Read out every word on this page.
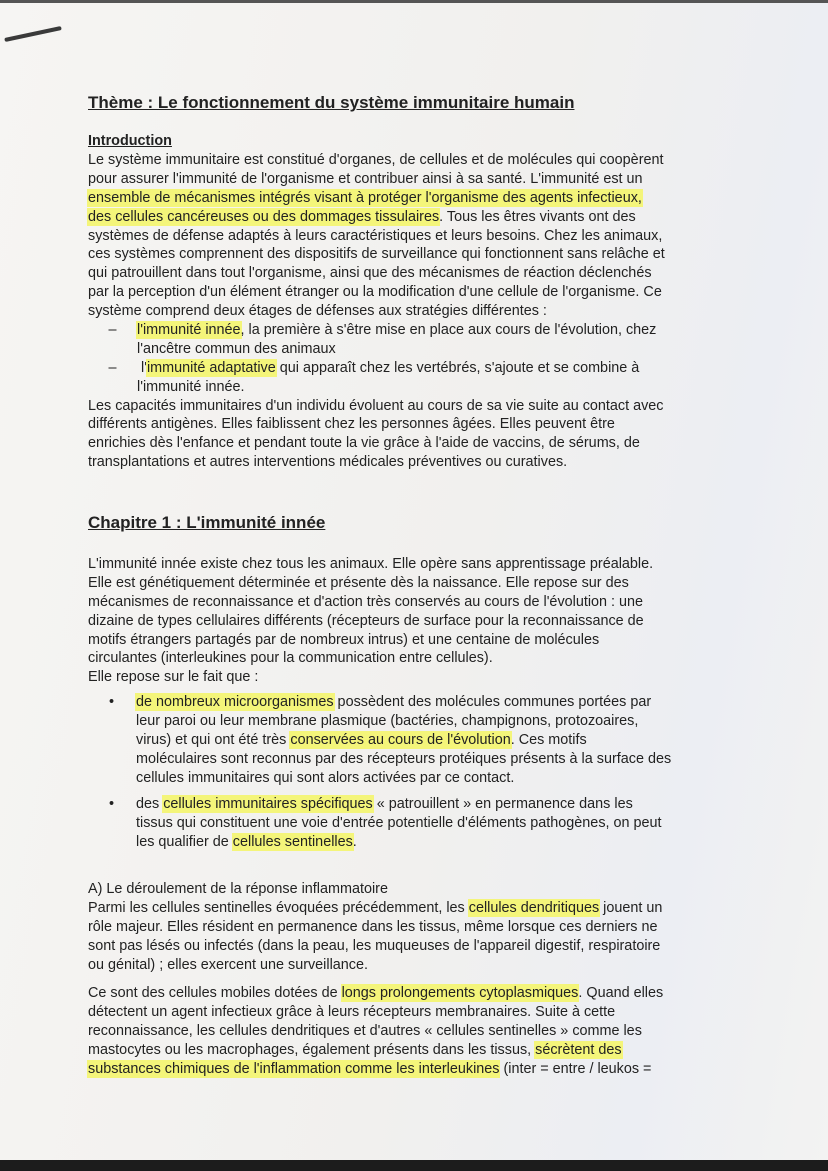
Thème : Le fonctionnement du système immunitaire humain
Introduction
Le système immunitaire est constitué d'organes, de cellules et de molécules qui coopèrent
pour assurer l'immunité de l'organisme et contribuer ainsi à sa santé. L'immunité est un
ensemble de mécanismes intégrés visant à protéger l'organisme des agents infectieux,
des cellules cancéreuses ou des dommages tissulaires. Tous les êtres vivants ont des
systèmes de défense adaptés à leurs caractéristiques et leurs besoins. Chez les animaux,
ces systèmes comprennent des dispositifs de surveillance qui fonctionnent sans relâche et
qui patrouillent dans tout l'organisme, ainsi que des mécanismes de réaction déclenchés
par la perception d'un élément étranger ou la modification d'une cellule de l'organisme. Ce
système comprend deux étages de défenses aux stratégies différentes :
– l'immunité innée, la première à s'être mise en place aux cours de l'évolution, chez
l'ancêtre commun des animaux
– l'immunité adaptative qui apparaît chez les vertébrés, s'ajoute et se combine à
l'immunité innée.
Les capacités immunitaires d'un individu évoluent au cours de sa vie suite au contact avec
différents antigènes. Elles faiblissent chez les personnes âgées. Elles peuvent être
enrichies dès l'enfance et pendant toute la vie grâce à l'aide de vaccins, de sérums, de
transplantations et autres interventions médicales préventives ou curatives.
Chapitre 1 : L'immunité innée
L'immunité innée existe chez tous les animaux. Elle opère sans apprentissage préalable.
Elle est génétiquement déterminée et présente dès la naissance. Elle repose sur des
mécanismes de reconnaissance et d'action très conservés au cours de l'évolution : une
dizaine de types cellulaires différents (récepteurs de surface pour la reconnaissance de
motifs étrangers partagés par de nombreux intrus) et une centaine de molécules
circulantes (interleukines pour la communication entre cellules).
Elle repose sur le fait que :
• de nombreux microorganismes possèdent des molécules communes portées par
leur paroi ou leur membrane plasmique (bactéries, champignons, protozoaires,
virus) et qui ont été très conservées au cours de l'évolution. Ces motifs
moléculaires sont reconnus par des récepteurs protéiques présents à la surface des
cellules immunitaires qui sont alors activées par ce contact.
• des cellules immunitaires spécifiques « patrouillent » en permanence dans les
tissus qui constituent une voie d'entrée potentielle d'éléments pathogènes, on peut
les qualifier de cellules sentinelles.
A) Le déroulement de la réponse inflammatoire
Parmi les cellules sentinelles évoquées précédemment, les cellules dendritiques jouent un
rôle majeur. Elles résident en permanence dans les tissus, même lorsque ces derniers ne
sont pas lésés ou infectés (dans la peau, les muqueuses de l'appareil digestif, respiratoire
ou génital) ; elles exercent une surveillance.
Ce sont des cellules mobiles dotées de longs prolongements cytoplasmiques. Quand elles
détectent un agent infectieux grâce à leurs récepteurs membranaires. Suite à cette
reconnaissance, les cellules dendritiques et d'autres « cellules sentinelles » comme les
mastocytes ou les macrophages, également présents dans les tissus, sécrètent des
substances chimiques de l'inflammation comme les interleukines (inter = entre / leukos =
